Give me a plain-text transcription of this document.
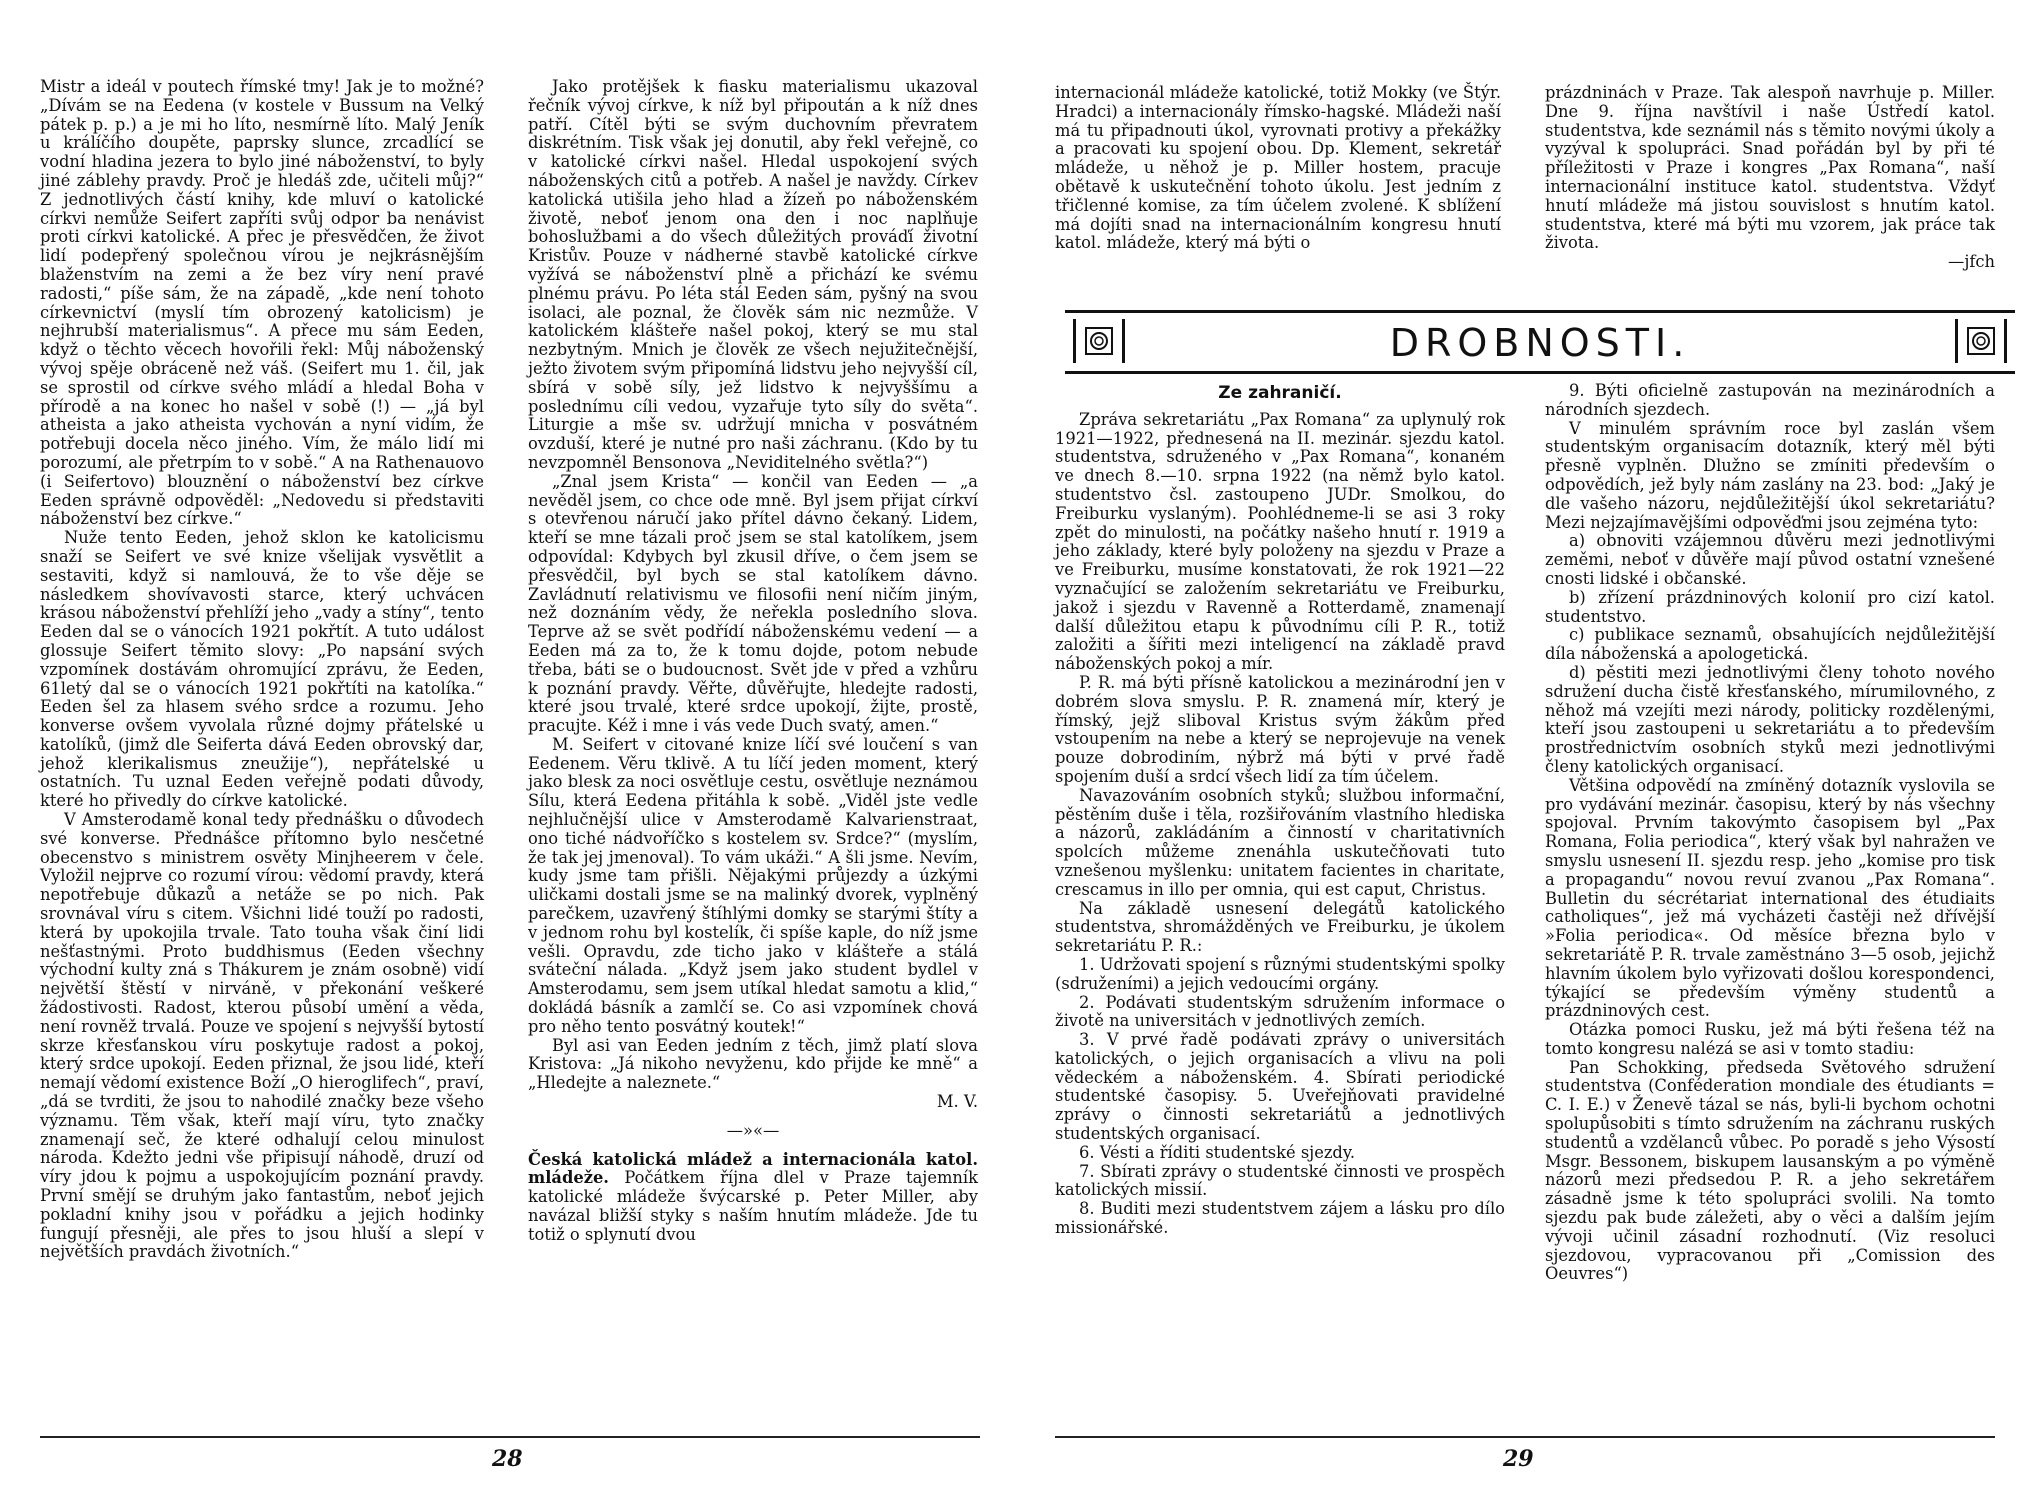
Mistr a ideál v poutech římské tmy! Jak je to možné? „Dívám se na Eedena (v kostele v Bussum na Velký pátek p. p.) a je mi ho líto, nesmírně líto. Malý Jeník u králíčího doupěte, paprsky slunce, zrcadlící se vodní hladina jezera to bylo jiné náboženství, to byly jiné záblehy pravdy. Proč je hledáš zde, učiteli můj?“ Z jednotlivých částí knihy, kde mluví o katolické církvi nemůže Seifert zapříti svůj odpor ba nenávist proti církvi katolické. A přec je přesvědčen, že život lidí podepřený společnou vírou je nejkrásnějším blaženstvím na zemi a že bez víry není pravé radosti,“ píše sám, že na západě, „kde není tohoto církevnictví (myslí tím obrozený katolicism) je nejhrubší materialismus“. A přece mu sám Eeden, když o těchto věcech hovořili řekl: Můj náboženský vývoj spěje obráceně než váš. (Seifert mu 1. čil, jak se sprostil od církve svého mládí a hledal Boha v přírodě a na konec ho našel v sobě (!) — „já byl atheista a jako atheista vychován a nyní vidím, že potřebuji docela něco jiného. Vím, že málo lidí mi porozumí, ale přetrpím to v sobě.“ A na Rathenauovo (i Seifertovo) blouznění o náboženství bez církve Eeden správně odpověděl: „Nedovedu si představiti náboženství bez církve.“

Nuže tento Eeden, jehož sklon ke katolicismu snaží se Seifert ve své knize všelijak vysvětlit a sestaviti, když si namlouvá, že to vše děje se následkem shovívavosti starce, který uchvácen krásou náboženství přehlíží jeho „vady a stíny“, tento Eeden dal se o vánocích 1921 pokřtít. A tuto událost glossuje Seifert těmito slovy: „Po napsání svých vzpomínek dostávám ohromující zprávu, že Eeden, 61letý dal se o vánocích 1921 pokřtíti na katolíka.“ Eeden šel za hlasem svého srdce a rozumu. Jeho konverse ovšem vyvolala různé dojmy přátelské u katolíků, (jimž dle Seiferta dává Eeden obrovský dar, jehož klerikalismus zneužije“), nepřátelské u ostatních. Tu uznal Eeden veřejně podati důvody, které ho přivedly do církve katolické.

V Amsterodamě konal tedy přednášku o důvodech své konverse. Přednášce přítomno bylo nesčetné obecenstvo s ministrem osvěty Minjheerem v čele. Vyložil nejprve co rozumí vírou: vědomí pravdy, která nepotřebuje důkazů a netáže se po nich. Pak srovnával víru s citem. Všichni lidé touží po radosti, která by upokojila trvale. Tato touha však činí lidi nešťastnými. Proto buddhismus (Eeden všechny východní kulty zná s Thákurem je znám osobně) vidí největší štěstí v nirváně, v překonání veškeré žádostivosti. Radost, kterou působí umění a věda, není rovněž trvalá. Pouze ve spojení s nejvyšší bytostí skrze křesťanskou víru poskytuje radost a pokoj, který srdce upokojí. Eeden přiznal, že jsou lidé, kteří nemají vědomí existence Boží „O hieroglifech“, praví, „dá se tvrditi, že jsou to nahodilé značky beze všeho významu. Těm však, kteří mají víru, tyto značky znamenají seč, že které odhalují celou minulost národa. Kdežto jedni vše připisují náhodě, druzí od víry jdou k pojmu a uspokojujícím poznání pravdy. První smějí se druhým jako fantastům, neboť jejich pokladní knihy jsou v pořádku a jejich hodinky fungují přesněji, ale přes to jsou hluší a slepí v největších pravdách životních.“

Jako protějšek k fiasku materialismu ukazoval řečník vývoj církve, k níž byl připoután a k níž dnes patří. Cítěl býti se svým duchovním převratem diskrétním. Tisk však jej donutil, aby řekl veřejně, co v katolické církvi našel. Hledal uspokojení svých náboženských citů a potřeb. A našel je navždy. Církev katolická utišila jeho hlad a žízeň po náboženském životě, neboť jenom ona den i noc naplňuje bohoslužbami a do všech důležitých prováďí životní Kristův. Pouze v nádherné stavbě katolické církve vyžívá se náboženství plně a přichází ke svému plnému právu. Po léta stál Eeden sám, pyšný na svou isolaci, ale poznal, že člověk sám nic nezmůže. V katolickém klášteře našel pokoj, který se mu stal nezbytným. Mnich je člověk ze všech nejužitečnější, ježto životem svým připomíná lidstvu jeho nejvyšší cíl, sbírá v sobě síly, jež lidstvo k nejvyššímu a poslednímu cíli vedou, vyzařuje tyto síly do světa“. Liturgie a mše sv. udržují mnicha v posvátném ovzduší, které je nutné pro naši záchranu. (Kdo by tu nevzpomněl Bensonova „Neviditelného světla?“)

„Znal jsem Krista“ — končil van Eeden — „a nevěděl jsem, co chce ode mně. Byl jsem přijat církví s otevřenou náručí jako přítel dávno čekaný. Lidem, kteří se mne tázali proč jsem se stal katolíkem, jsem odpovídal: Kdybych byl zkusil dříve, o čem jsem se přesvědčil, byl bych se stal katolíkem dávno. Zavládnutí relativismu ve filosofii není ničím jiným, než doznáním vědy, že neřekla posledního slova. Teprve až se svět podřídí náboženskému vedení — a Eeden má za to, že k tomu dojde, potom nebude třeba, báti se o budoucnost. Svět jde v před a vzhůru k poznání pravdy. Věřte, důvěřujte, hledejte radosti, které jsou trvalé, které srdce upokojí, žijte, prostě, pracujte. Kéž i mne i vás vede Duch svatý, amen.“

M. Seifert v citované knize líčí své loučení s van Eedenem. Věru tklivě. A tu líčí jeden moment, který jako blesk za noci osvětluje cestu, osvětluje neznámou Sílu, která Eedena přitáhla k sobě. „Viděl jste vedle nejhlučnější ulice v Amsterodamě Kalvarienstraat, ono tiché nádvoříčko s kostelem sv. Srdce?“ (myslím, že tak jej jmenoval). To vám ukáži.“ A šli jsme. Nevím, kudy jsme tam přišli. Nějakými průjezdy a úzkými uličkami dostali jsme se na malinký dvorek, vyplněný parečkem, uzavřený štíhlými domky se starými štíty a v jednom rohu byl kostelík, či spíše kaple, do níž jsme vešli. Opravdu, zde ticho jako v klášteře a stálá sváteční nálada. „Když jsem jako student bydlel v Amsterodamu, sem jsem utíkal hledat samotu a klid,“ dokládá básník a zamlčí se. Co asi vzpomínek chová pro něho tento posvátný koutek!“

Byl asi van Eeden jedním z těch, jimž platí slova Kristova: „Já nikoho nevyženu, kdo přijde ke mně“ a „Hledejte a naleznete.“

M. V.

—»«—

Česká katolická mládež a internacionála katol. mládeže. Počátkem října dlel v Praze tajemník katolické mládeže švýcarské p. Peter Miller, aby navázal bližší styky s naším hnutím mládeže. Jde tu totiž o splynutí dvou

28

internacionál mládeže katolické, totiž Mokky (ve Štýr. Hradci) a internacionály římsko-hagské. Mládeži naší má tu připadnouti úkol, vyrovnati protivy a překážky a pracovati ku spojení obou. Dp. Klement, sekretář mládeže, u něhož je p. Miller hostem, pracuje obětavě k uskutečnění tohoto úkolu. Jest jedním z třičlenné komise, za tím účelem zvolené. K sblížení má dojíti snad na internacionálním kongresu hnutí katol. mládeže, který má býti o

prázdninách v Praze. Tak alespoň navrhuje p. Miller. Dne 9. října navštívil i naše Ústředí katol. studentstva, kde seznámil nás s těmito novými úkoly a vyzýval k spolupráci. Snad pořádán byl by při té příležitosti v Praze i kongres „Pax Romana“, naší internacionální instituce katol. studentstva. Vždyť hnutí mládeže má jistou souvislost s hnutím katol. studentstva, které má býti mu vzorem, jak práce tak života.

—jfch

DROBNOSTI.
Ze zahraničí.

Zpráva sekretariátu „Pax Romana“ za uplynulý rok 1921—1922, přednesená na II. mezinár. sjezdu katol. studentstva, sdruženého v „Pax Romana“, konaném ve dnech 8.—10. srpna 1922 (na němž bylo katol. studentstvo čsl. zastoupeno JUDr. Smolkou, do Freiburku vyslaným). Poohlédneme-li se asi 3 roky zpět do minulosti, na počátky našeho hnutí r. 1919 a jeho základy, které byly položeny na sjezdu v Praze a ve Freiburku, musíme konstatovati, že rok 1921—22 vyznačující se založením sekretariátu ve Freiburku, jakož i sjezdu v Ravenně a Rotterdamě, znamenají další důležitou etapu k původnímu cíli P. R., totiž založiti a šířiti mezi inteligencí na základě pravd náboženských pokoj a mír.

P. R. má býti přísně katolickou a mezinárodní jen v dobrém slova smyslu. P. R. znamená mír, který je římský, jejž sliboval Kristus svým žákům před vstoupením na nebe a který se neprojevuje na venek pouze dobrodiním, nýbrž má býti v prvé řadě spojením duší a srdcí všech lidí za tím účelem.

Navazováním osobních styků; službou informační, pěstěním duše i těla, rozšiřováním vlastního hlediska a názorů, zakládáním a činností v charitativních spolcích můžeme znenáhla uskutečňovati tuto vznešenou myšlenku: unitatem facientes in charitate, crescamus in illo per omnia, qui est caput, Christus.

Na základě usnesení delegátů katolického studentstva, shromážděných ve Freiburku, je úkolem sekretariátu P. R.:

1. Udržovati spojení s různými studentskými spolky (sdruženími) a jejich vedoucími orgány.

2. Podávati studentským sdružením informace o životě na universitách v jednotlivých zemích.

3. V prvé řadě podávati zprávy o universitách katolických, o jejich organisacích a vlivu na poli vědeckém a náboženském. 4. Sbírati periodické studentské časopisy. 5. Uveřejňovati pravidelné zprávy o činnosti sekretariátů a jednotlivých studentských organisací.

6. Vésti a říditi studentské sjezdy.

7. Sbírati zprávy o studentské činnosti ve prospěch katolických missií.

8. Buditi mezi studentstvem zájem a lásku pro dílo missionářské.

9. Býti oficielně zastupován na mezinárodních a národních sjezdech.

V minulém správním roce byl zaslán všem studentským organisacím dotazník, který měl býti přesně vyplněn. Dlužno se zmíniti především o odpovědích, jež byly nám zaslány na 23. bod: „Jaký je dle vašeho názoru, nejdůležitější úkol sekretariátu? Mezi nejzajímavějšími odpověďmi jsou zejména tyto:

a) obnoviti vzájemnou důvěru mezi jednotlivými zeměmi, neboť v důvěře mají původ ostatní vznešené cnosti lidské i občanské.

b) zřízení prázdninových kolonií pro cizí katol. studentstvo.

c) publikace seznamů, obsahujících nejdůležitější díla náboženská a apologetická.

d) pěstiti mezi jednotlivými členy tohoto nového sdružení ducha čistě křesťanského, mírumilovného, z něhož má vzejíti mezi národy, politicky rozdělenými, kteří jsou zastoupeni u sekretariátu a to především prostřednictvím osobních styků mezi jednotlivými členy katolických organisací.

Většina odpovědí na zmíněný dotazník vyslovila se pro vydávání mezinár. časopisu, který by nás všechny spojoval. Prvním takovýmto časopisem byl „Pax Romana, Folia periodica“, který však byl nahražen ve smyslu usnesení II. sjezdu resp. jeho „komise pro tisk a propagandu“ novou revuí zvanou „Pax Romana“. Bulletin du sécrétariat international des étudiaits catholiques“, jež má vycházeti častěji než dřívější »Folia periodica«. Od měsíce března bylo v sekretariátě P. R. trvale zaměstnáno 3—5 osob, jejichž hlavním úkolem bylo vyřizovati došlou korespondenci, týkající se především výměny studentů a prázdninových cest.

Otázka pomoci Rusku, jež má býti řešena též na tomto kongresu nalézá se asi v tomto stadiu:

Pan Schokking, předseda Světového sdružení studentstva (Conféderation mondiale des étudiants = C. I. E.) v Ženevě tázal se nás, byli-li bychom ochotni spolupůsobiti s tímto sdružením na záchranu ruských studentů a vzdělanců vůbec. Po poradě s jeho Výsostí Msgr. Bessonem, biskupem lausanským a po výměně názorů mezi předsedou P. R. a jeho sekretářem zásadně jsme k této spolupráci svolili. Na tomto sjezdu pak bude záležeti, aby o věci a dalším jejím vývoji učinil zásadní rozhodnutí. (Viz resoluci sjezdovou, vypracovanou při „Comission des Oeuvres“)

29
